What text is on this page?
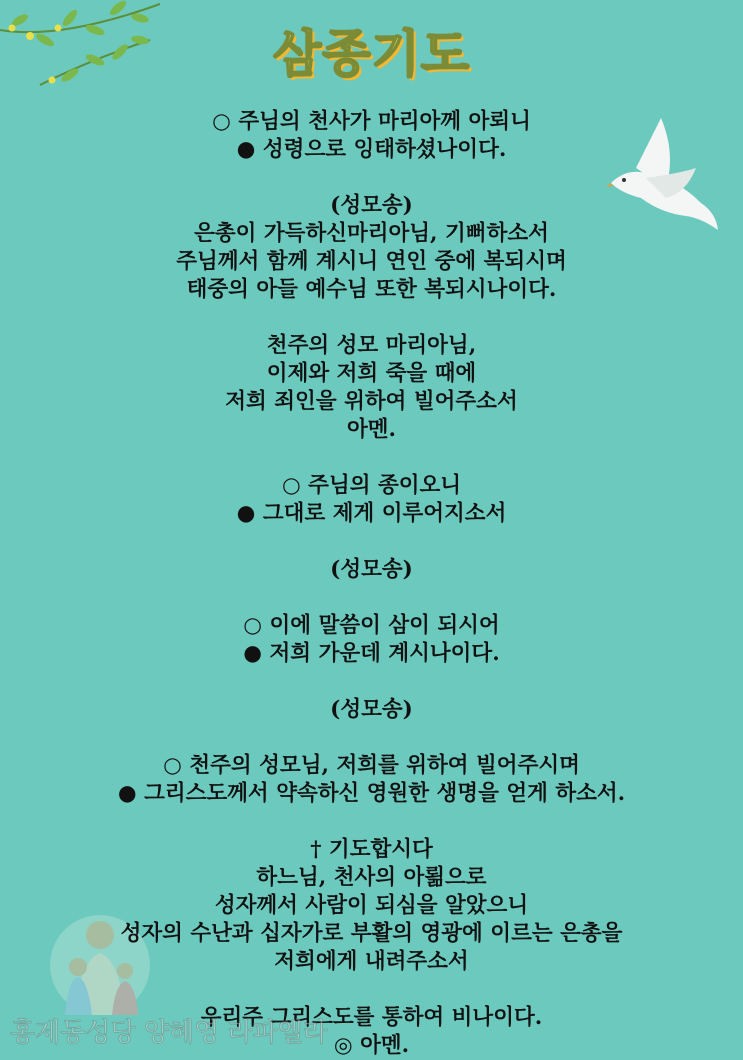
삼종기도
○ 주님의 천사가 마리아께 아뢰니
● 성령으로 잉태하셨나이다.
(성모송)
은총이 가득하신마리아님, 기뻐하소서
주님께서 함께 계시니 연인 중에 복되시며
태중의 아들 예수님 또한 복되시나이다.
천주의 성모 마리아님,
이제와 저희 죽을 때에
저희 죄인을 위하여 빌어주소서
아멘.
○ 주님의 종이오니
● 그대로 제게 이루어지소서
(성모송)
○ 이에 말씀이 삼이 되시어
● 저희 가운데 계시나이다.
(성모송)
○ 천주의 성모님, 저희를 위하여 빌어주시며
● 그리스도께서 약속하신 영원한 생명을 얻게 하소서.
† 기도합시다
하느님, 천사의 아뢺으로
성자께서 사람이 되심을 알았으니
성자의 수난과 십자가로 부활의 영광에 이르는 은총을
저희에게 내려주소서
우리주 그리스도를 통하여 비나이다.
◎ 아멘.
홍제동성당 양혜영 라파엘라
